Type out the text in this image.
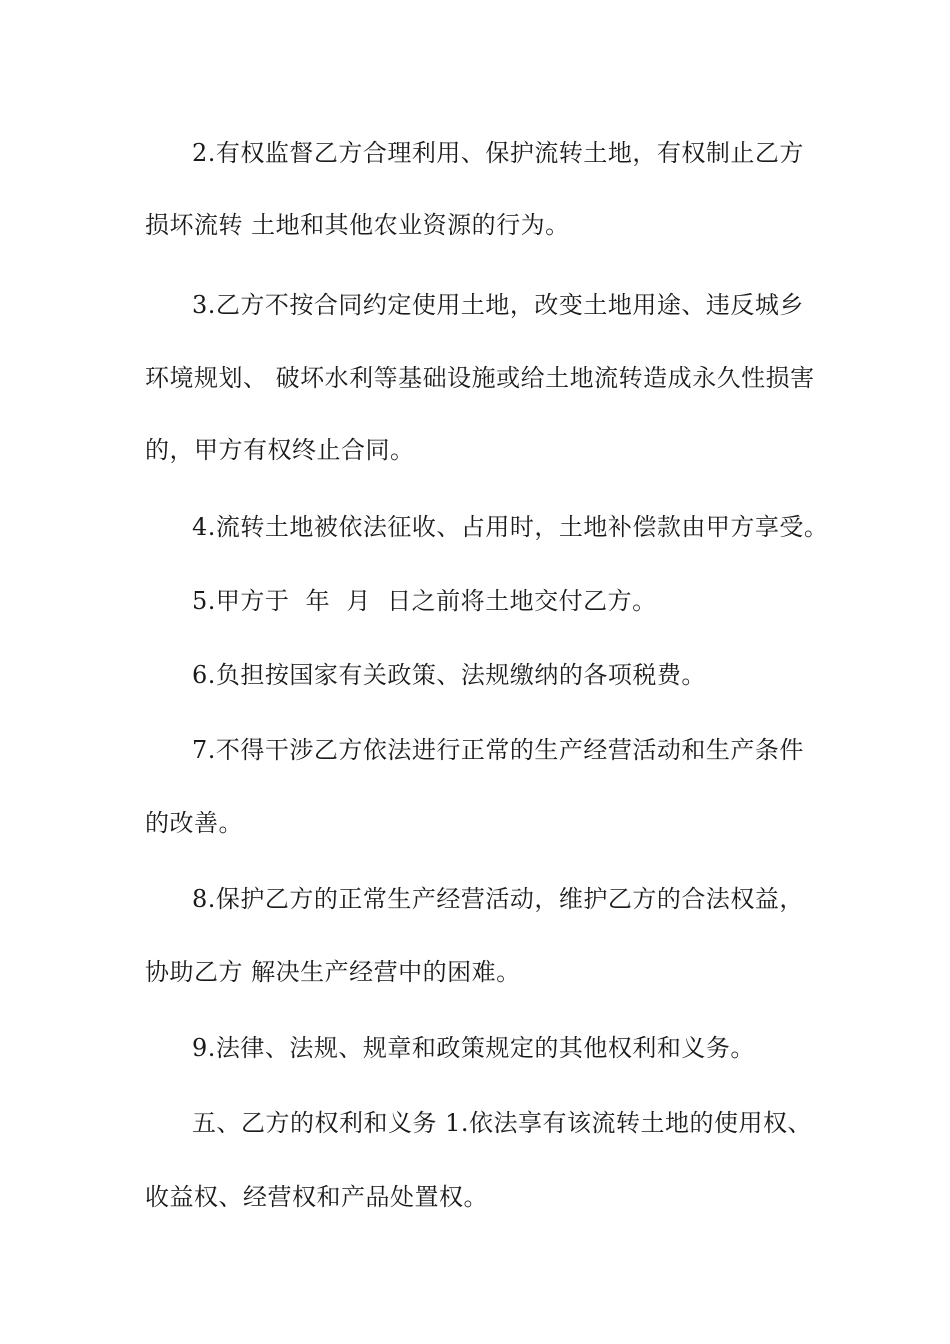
2.有权监督乙方合理利用、保护流转土地，有权制止乙方
损坏流转 土地和其他农业资源的行为。
3.乙方不按合同约定使用土地，改变土地用途、违反城乡
环境规划、 破坏水利等基础设施或给土地流转造成永久性损害
的，甲方有权终止合同。
4.流转土地被依法征收、占用时，土地补偿款由甲方享受。
5.甲方于  年  月  日之前将土地交付乙方。
6.负担按国家有关政策、法规缴纳的各项税费。
7.不得干涉乙方依法进行正常的生产经营活动和生产条件
的改善。
8.保护乙方的正常生产经营活动，维护乙方的合法权益，
协助乙方 解决生产经营中的困难。
9.法律、法规、规章和政策规定的其他权利和义务。
五、乙方的权利和义务 1.依法享有该流转土地的使用权、
收益权、经营权和产品处置权。
